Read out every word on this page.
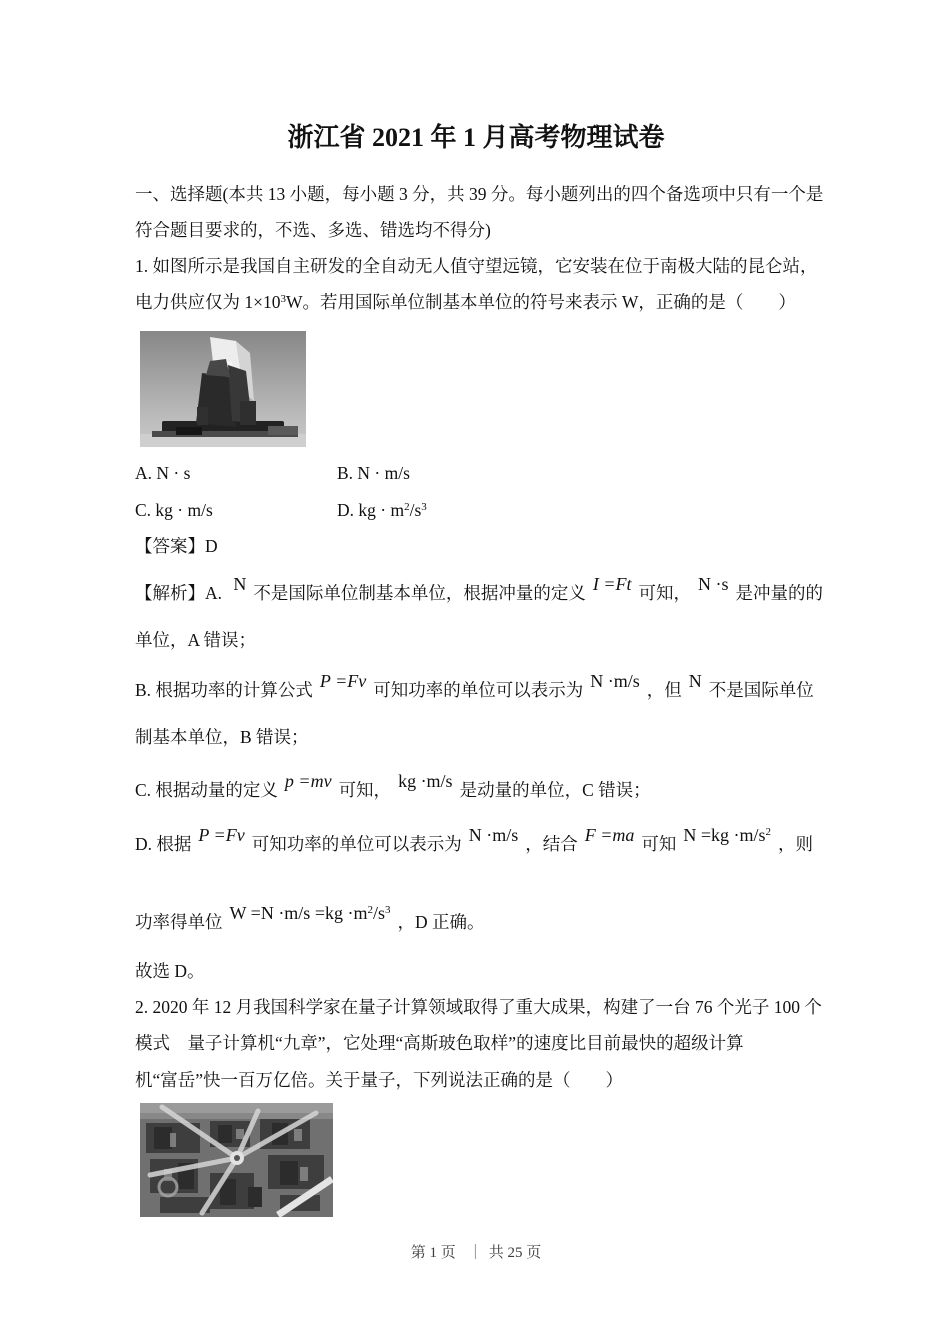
浙江省 2021 年 1 月高考物理试卷

一、选择题(本共 13 小题，每小题 3 分，共 39 分。每小题列出的四个备选项中只有一个是

符合题目要求的，不选、多选、错选均不得分)

1. 如图所示是我国自主研发的全自动无人值守望远镜，它安装在位于南极大陆的昆仑站，

电力供应仅为 $1\times 10^3W$。若用国际单位制基本单位的符号来表示 W，正确的是（　　）

A. N · s	B. N · m/s
C. kg · m/s	D. kg · $m^2/s^3$

【答案】D

【解析】A. N 不是国际单位制基本单位，根据冲量的定义 I =Ft 可知， N ·s 是冲量的的

单位，A 错误；

B. 根据功率的计算公式 P =Fv 可知功率的单位可以表示为 N ·m/s ，但 N 不是国际单位

制基本单位，B 错误；

C. 根据动量的定义 p =mv 可知， kg ·m/s 是动量的单位，C 错误；

D. 根据 P =Fv 可知功率的单位可以表示为 N ·m/s ，结合 F =ma 可知 $N =kg \cdot m/s^2$，则

功率得单位 $W =N \cdot m/s =kg \cdot m^2/s^3$，D 正确。

故选 D。

2. 2020 年 12 月我国科学家在量子计算领域取得了重大成果，构建了一台 76 个光子 100 个

模式　量子计算机“九章”，它处理“高斯玻色取样”的速度比目前最快的超级计算

机“富岳”快一百万亿倍。关于量子，下列说法正确的是（　　）

第 1 页 ｜ 共 25 页
